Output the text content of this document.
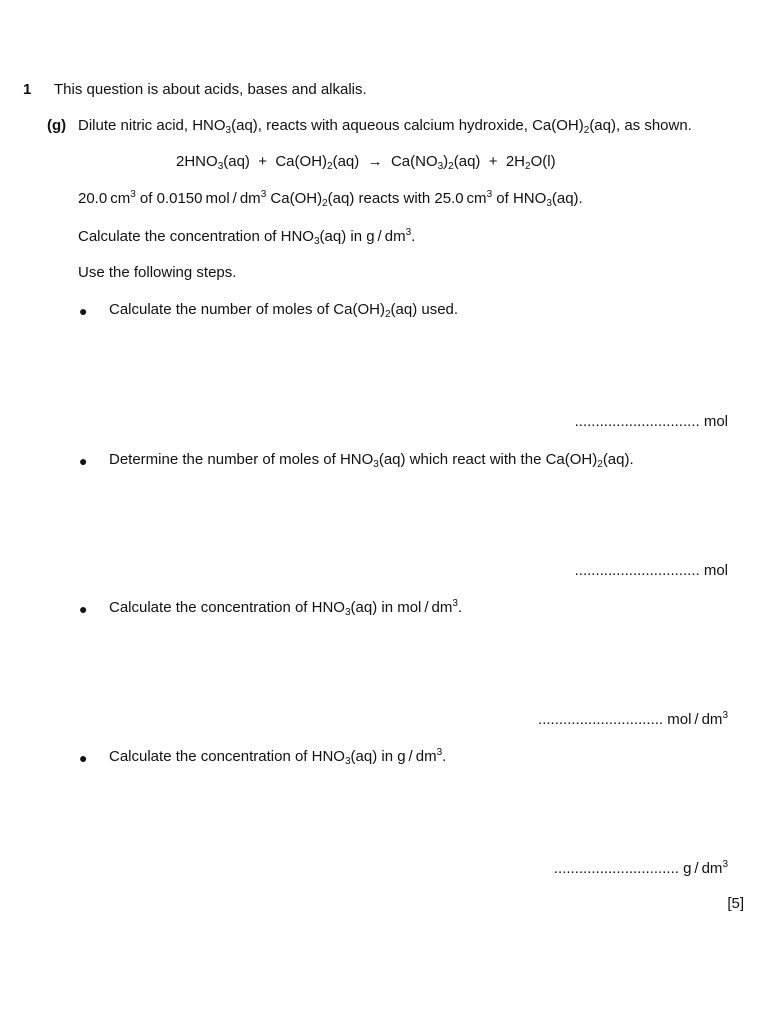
1 This question is about acids, bases and alkalis.
(g) Dilute nitric acid, $HNO_3(aq)$, reacts with aqueous calcium hydroxide, $Ca(OH)_2(aq)$, as shown.
$2HNO_3(aq) + Ca(OH)_2(aq) \to Ca(NO_3)_2(aq) + 2H_2O(l)$
20.0 $cm^3$ of 0.0150 mol / $dm^3$ $Ca(OH)_2(aq)$ reacts with 25.0 $cm^3$ of $HNO_3(aq)$.
Calculate the concentration of $HNO_3(aq)$ in g / $dm^3$.
Use the following steps.
● Calculate the number of moles of $Ca(OH)_2(aq)$ used.
.............................. mol
● Determine the number of moles of $HNO_3(aq)$ which react with the $Ca(OH)_2(aq)$.
.............................. mol
● Calculate the concentration of $HNO_3(aq)$ in mol / $dm^3$.
.............................. mol / $dm^3$
● Calculate the concentration of $HNO_3(aq)$ in g / $dm^3$.
.............................. g / $dm^3$
[5]
